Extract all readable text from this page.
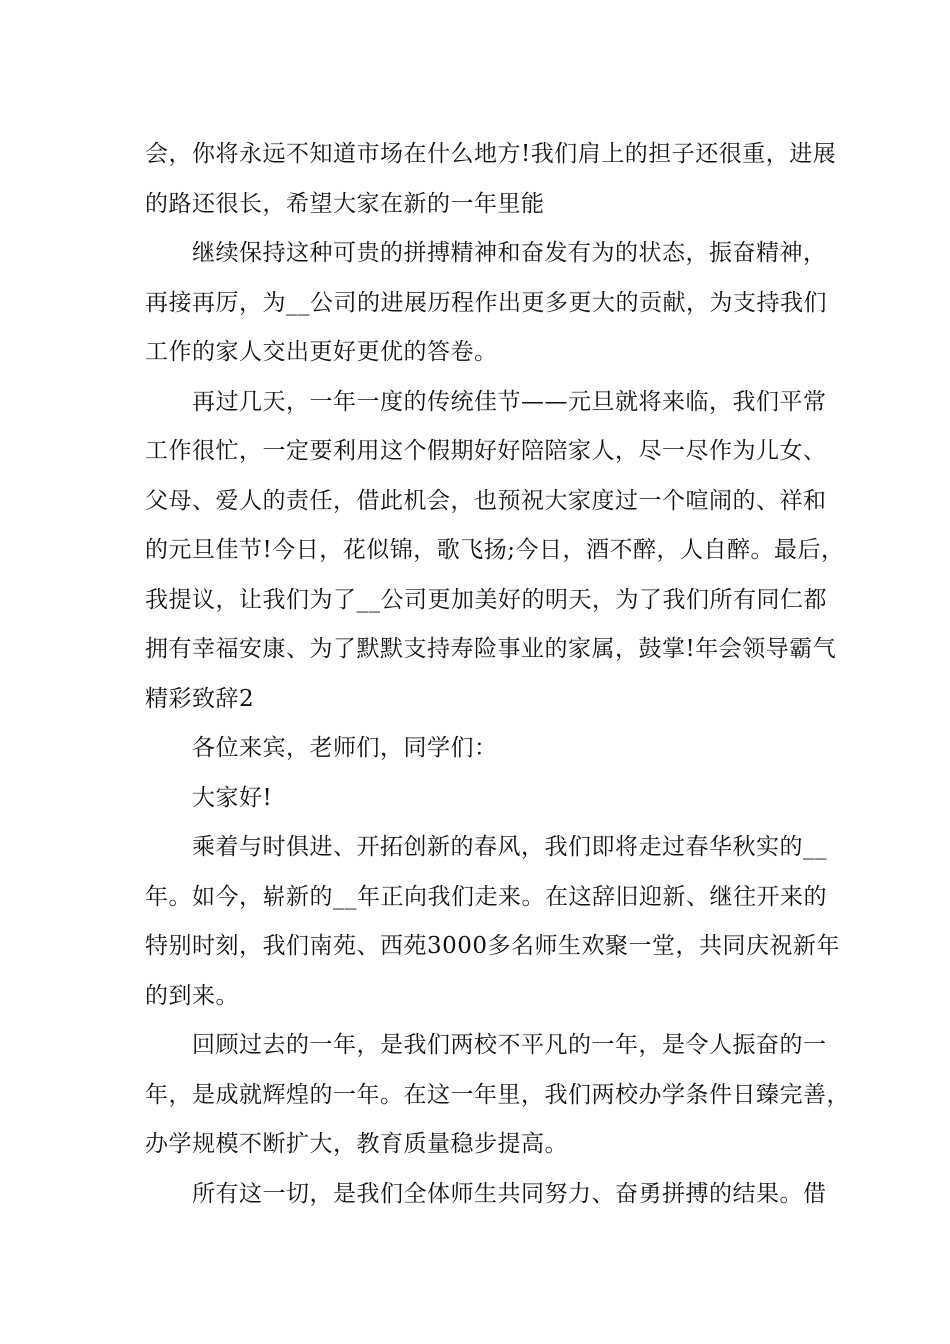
会，你将永远不知道市场在什么地方!我们肩上的担子还很重，进展
的路还很长，希望大家在新的一年里能

继续保持这种可贵的拼搏精神和奋发有为的状态，振奋精神，
再接再厉，为__公司的进展历程作出更多更大的贡献，为支持我们
工作的家人交出更好更优的答卷。

再过几天，一年一度的传统佳节——元旦就将来临，我们平常
工作很忙，一定要利用这个假期好好陪陪家人，尽一尽作为儿女、
父母、爱人的责任，借此机会，也预祝大家度过一个喧闹的、祥和
的元旦佳节!今日，花似锦，歌飞扬;今日，酒不醉，人自醉。最后，
我提议，让我们为了__公司更加美好的明天，为了我们所有同仁都
拥有幸福安康、为了默默支持寿险事业的家属，鼓掌!年会领导霸气
精彩致辞2

各位来宾，老师们，同学们：

大家好!

乘着与时俱进、开拓创新的春风，我们即将走过春华秋实的__
年。如今，崭新的__年正向我们走来。在这辞旧迎新、继往开来的
特别时刻，我们南苑、西苑3000多名师生欢聚一堂，共同庆祝新年
的到来。

回顾过去的一年，是我们两校不平凡的一年，是令人振奋的一
年，是成就辉煌的一年。在这一年里，我们两校办学条件日臻完善，
办学规模不断扩大，教育质量稳步提高。

所有这一切，是我们全体师生共同努力、奋勇拼搏的结果。借
